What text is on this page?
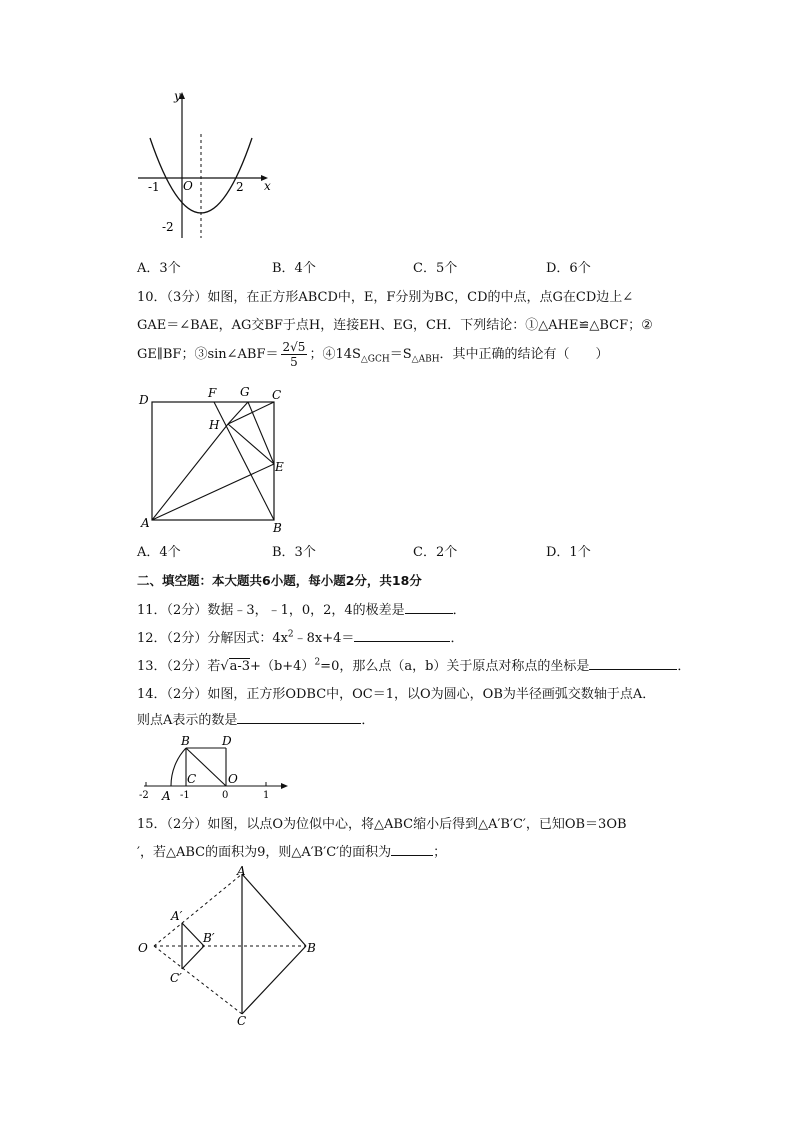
y
x
O
-1	2
-2
A．3个	B．4个	C．5个	D．6个
10．（3分）如图，在正方形ABCD中，E，F分别为BC，CD的中点，点G在CD边上∠
GAE＝∠BAE，AG交BF于点H，连接EH、EG，CH．下列结论：①△AHE≌△BCF；②
GE∥BF；③sin∠ABF＝ $\frac{2√5}{5}$ ；$④14S_{\triangle GCH}=S_{\triangle ABH}$．其中正确的结论有（　　）
D	F G C
H
E
A	B
A．4个	B．3个	C．2个	D．1个
二、填空题：本大题共6小题，每小题2分，共18分
11．（2分）数据﹣3，﹣1，0，2，4的极差是	．
12．（2分）分解因式：$4x^2﹣8x+4=$	．
13．（2分）若$√a-3+(b+4)^2=0$，那么点（a，b）关于原点对称点的坐标是	．
14．（2分）如图，正方形ODBC中，OC＝1，以O为圆心，OB为半径画弧交数轴于点A．
则点A表示的数是	．
B	D
C	O
A
-2	-1	0	1
15．（2分）如图，以点O为位似中心，将△ABC缩小后得到△A′B′C′，已知OB＝3OB
′，若△ABC的面积为9，则△A′B′C′的面积为	；
A
A′
O
B′
B
C′
C
